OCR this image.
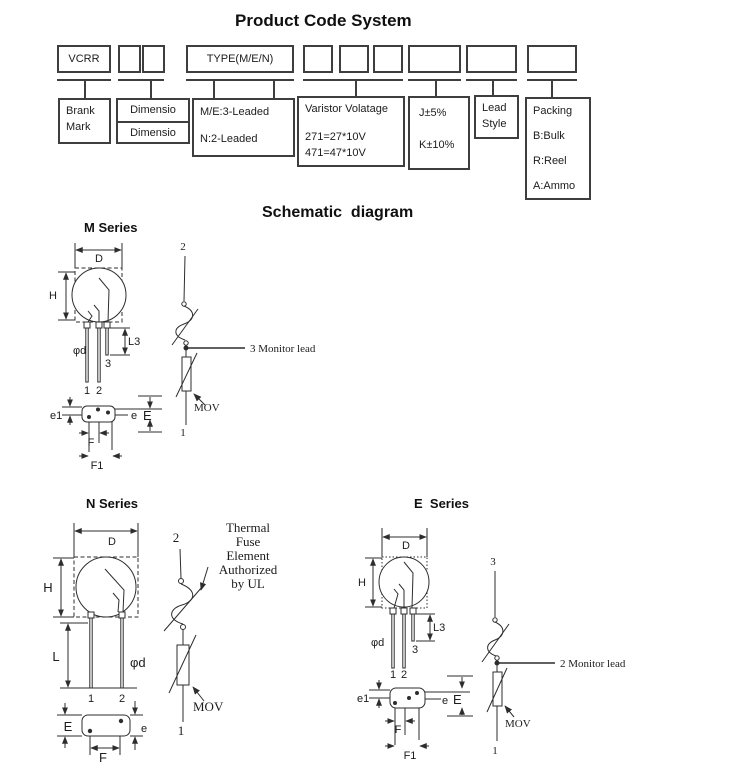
Product Code System
VCRR	TYPE(M/E/N)
Brank
Mark
Dimensio
Dimensio
M/E:3-Leaded
N:2-Leaded
Varistor Volatage
271=27*10V
471=47*10V
J±5%
K±10%
Lead
Style
Packing
B:Bulk
R:Reel
A:Ammo
Schematic  diagram
M Series
N Series	E  Series
D
H
L3
φd
3
1 2
e1	e E
F
F1
2
3 Monitor lead
MOV
1
D
H
L	φd
1 2
E	e
F
Thermal
Fuse
Element
Authorized
by UL
2
MOV
1
D
H
L3
φd
3
1 2
e1	e E
F
F1
3
2 Monitor lead
MOV
1
